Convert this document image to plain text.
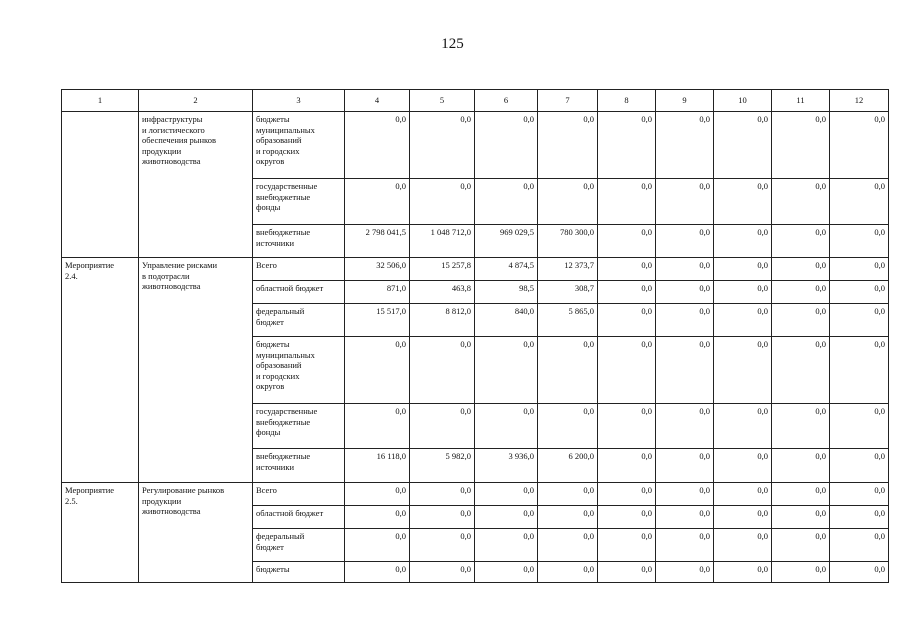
125
1	2	3	4	5	6	7	8	9	10	11	12
	инфраструктуры
и логистического
обеспечения рынков
продукции
животноводства	бюджеты
муниципальных
образований
и городских
округов	0,0	0,0	0,0	0,0	0,0	0,0	0,0	0,0	0,0
		государственные
внебюджетные
фонды	0,0	0,0	0,0	0,0	0,0	0,0	0,0	0,0	0,0
		внебюджетные
источники	2 798 041,5	1 048 712,0	969 029,5	780 300,0	0,0	0,0	0,0	0,0	0,0
Мероприятие
2.4.	Управление рисками
в подотрасли
животноводства	Всего	32 506,0	15 257,8	4 874,5	12 373,7	0,0	0,0	0,0	0,0	0,0
		областной бюджет	871,0	463,8	98,5	308,7	0,0	0,0	0,0	0,0	0,0
		федеральный
бюджет	15 517,0	8 812,0	840,0	5 865,0	0,0	0,0	0,0	0,0	0,0
		бюджеты
муниципальных
образований
и городских
округов	0,0	0,0	0,0	0,0	0,0	0,0	0,0	0,0	0,0
		государственные
внебюджетные
фонды	0,0	0,0	0,0	0,0	0,0	0,0	0,0	0,0	0,0
		внебюджетные
источники	16 118,0	5 982,0	3 936,0	6 200,0	0,0	0,0	0,0	0,0	0,0
Мероприятие
2.5.	Регулирование рынков
продукции
животноводства	Всего	0,0	0,0	0,0	0,0	0,0	0,0	0,0	0,0	0,0
		областной бюджет	0,0	0,0	0,0	0,0	0,0	0,0	0,0	0,0	0,0
		федеральный
бюджет	0,0	0,0	0,0	0,0	0,0	0,0	0,0	0,0	0,0
		бюджеты	0,0	0,0	0,0	0,0	0,0	0,0	0,0	0,0	0,0
